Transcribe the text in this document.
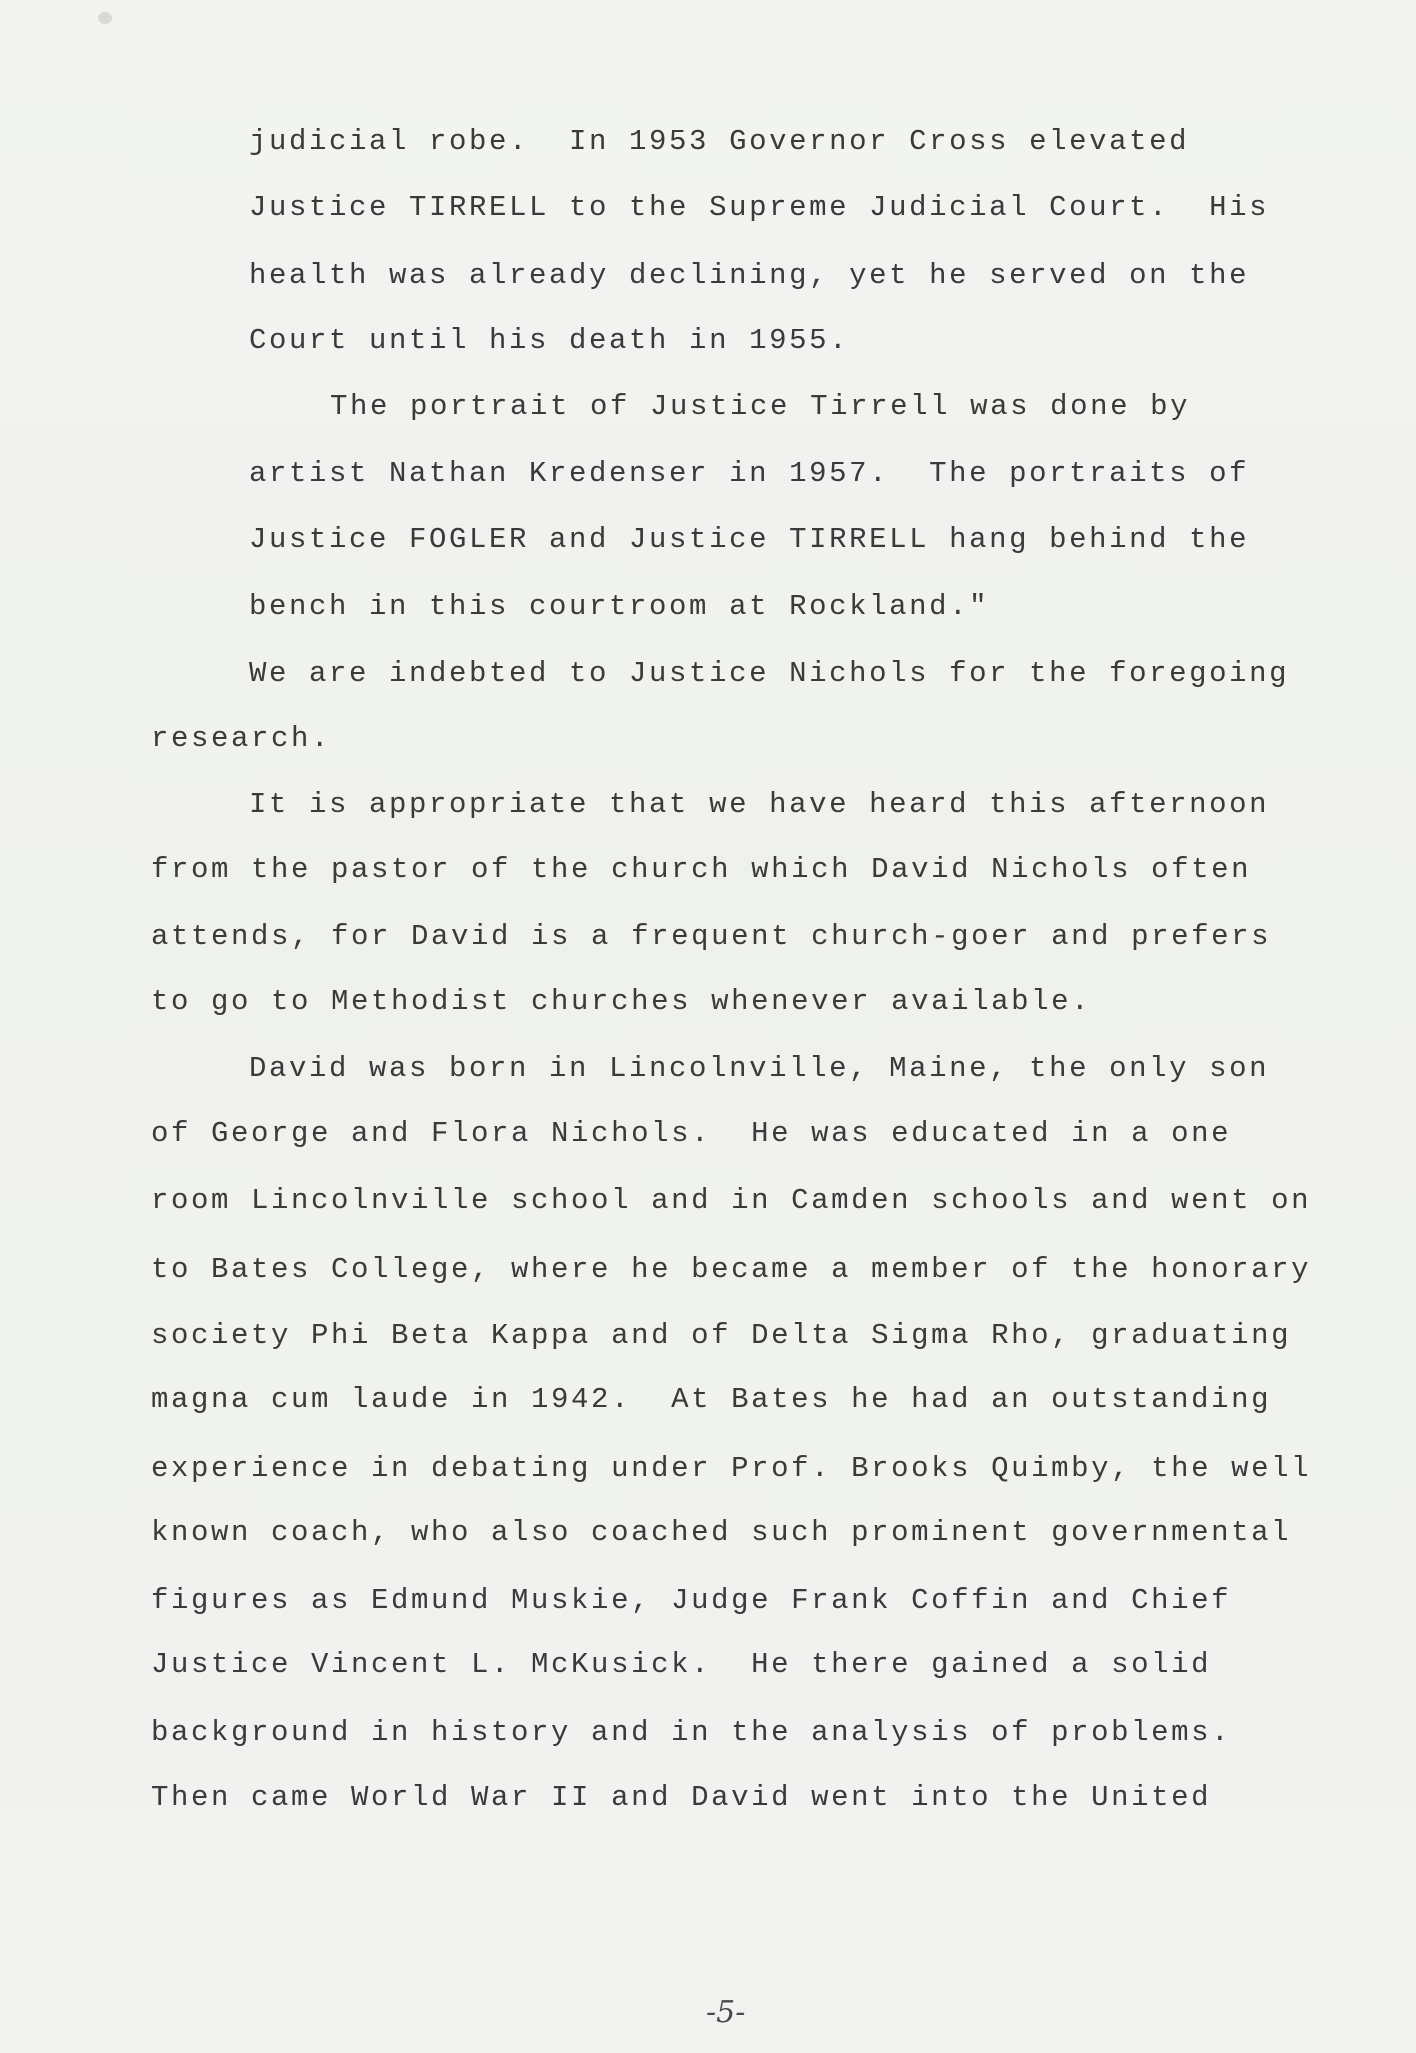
judicial robe.  In 1953 Governor Cross elevated
Justice TIRRELL to the Supreme Judicial Court.  His
health was already declining, yet he served on the
Court until his death in 1955.
The portrait of Justice Tirrell was done by
artist Nathan Kredenser in 1957.  The portraits of
Justice FOGLER and Justice TIRRELL hang behind the
bench in this courtroom at Rockland."
We are indebted to Justice Nichols for the foregoing
research.
It is appropriate that we have heard this afternoon
from the pastor of the church which David Nichols often
attends, for David is a frequent church-goer and prefers
to go to Methodist churches whenever available.
David was born in Lincolnville, Maine, the only son
of George and Flora Nichols.  He was educated in a one
room Lincolnville school and in Camden schools and went on
to Bates College, where he became a member of the honorary
society Phi Beta Kappa and of Delta Sigma Rho, graduating
magna cum laude in 1942.  At Bates he had an outstanding
experience in debating under Prof. Brooks Quimby, the well
known coach, who also coached such prominent governmental
figures as Edmund Muskie, Judge Frank Coffin and Chief
Justice Vincent L. McKusick.  He there gained a solid
background in history and in the analysis of problems.
Then came World War II and David went into the United
-5-
